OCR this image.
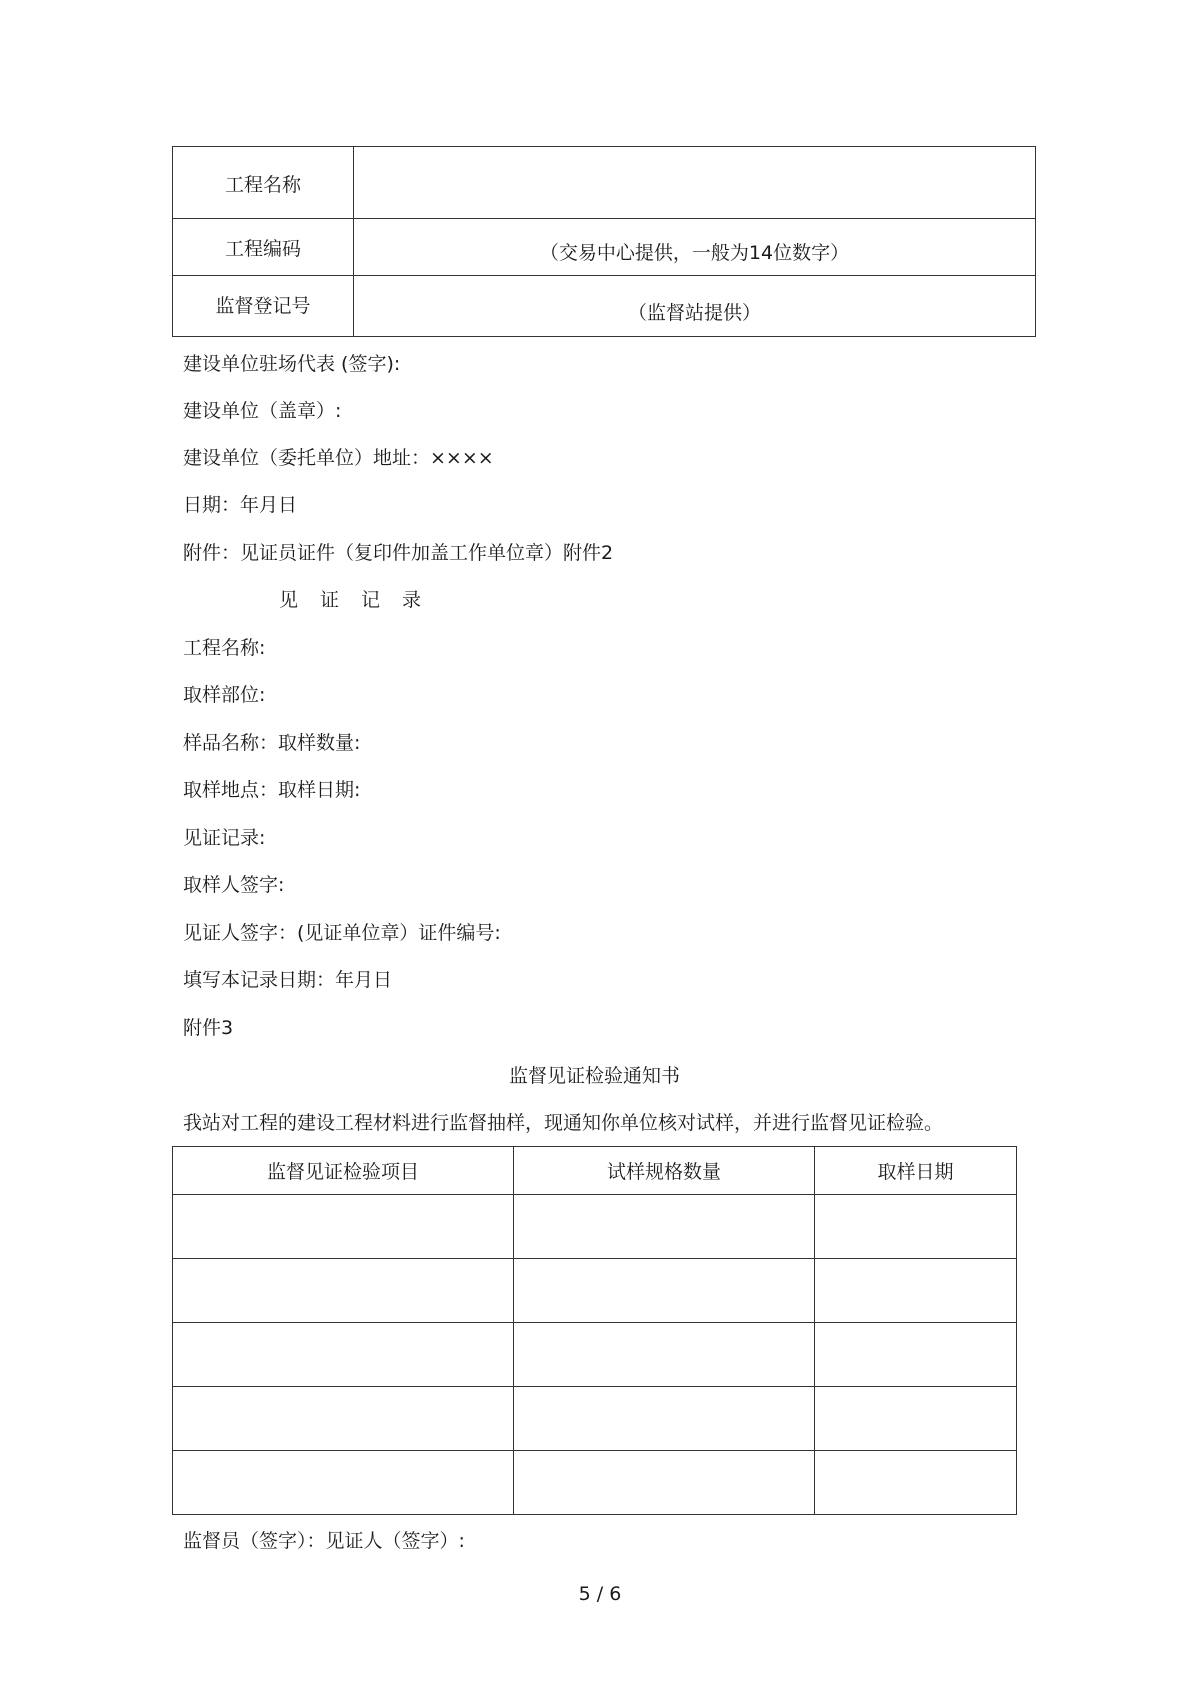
工程名称	

工程编码	（交易中心提供，一般为14位数字）

监督登记号	（监督站提供）
建设单位驻场代表 (签字):
建设单位（盖章）:
建设单位（委托单位）地址：××××
日期：年月日
附件：见证员证件（复印件加盖工作单位章）附件2
见证记录
工程名称:
取样部位:
样品名称：取样数量:
取样地点：取样日期:
见证记录:
取样人签字:
见证人签字：(见证单位章）证件编号:
填写本记录日期：年月日
附件3
监督见证检验通知书
我站对工程的建设工程材料进行监督抽样，现通知你单位核对试样，并进行监督见证检验。
监督见证检验项目	试样规格数量	取样日期

监督员（签字）：见证人（签字）:
5 / 6
